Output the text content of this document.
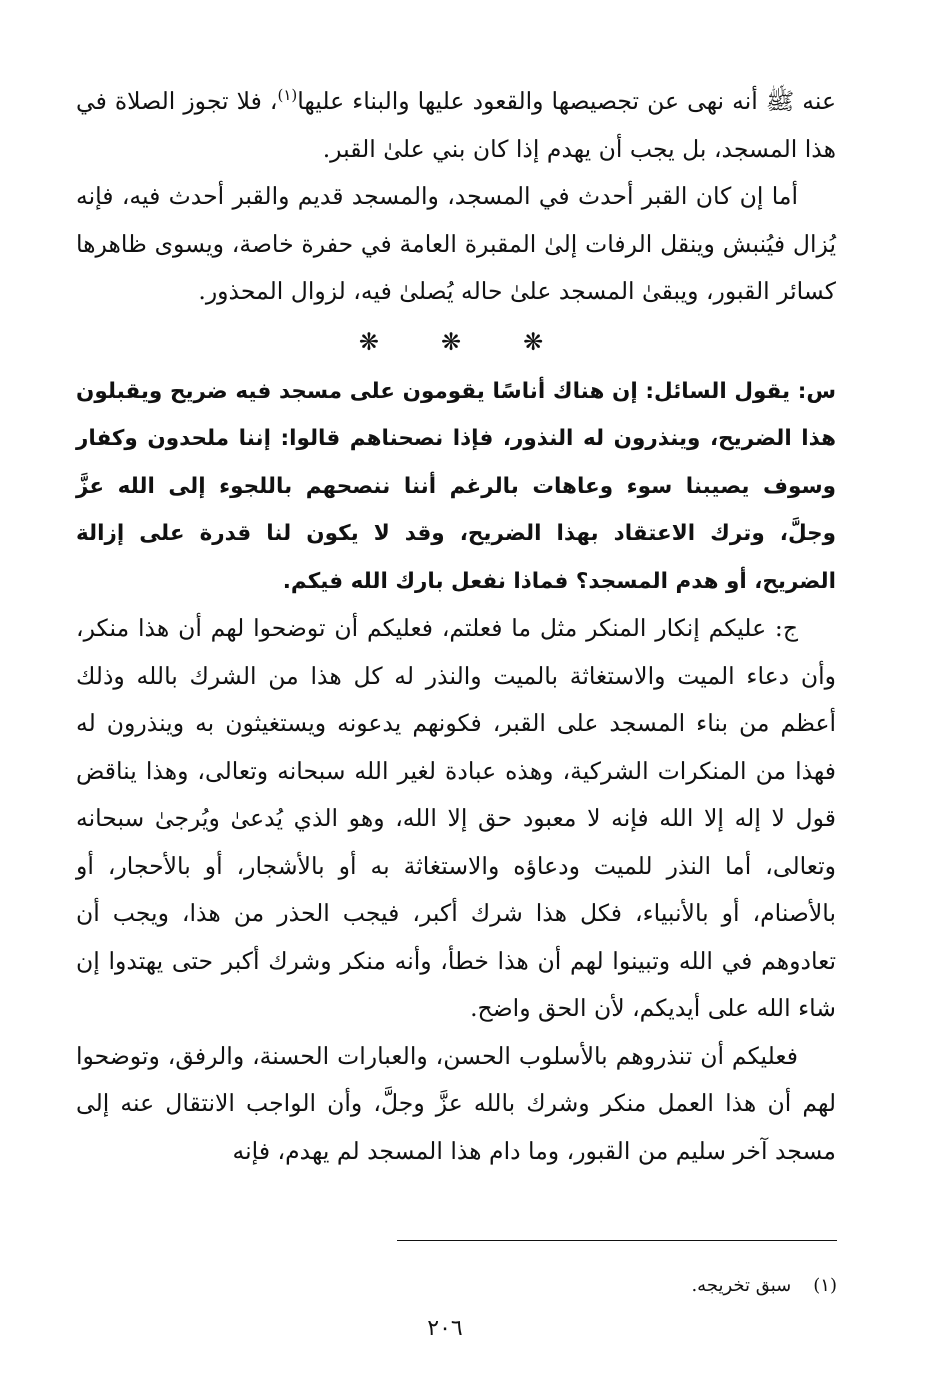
عنه ﷺ أنه نهى عن تجصيصها والقعود عليها والبناء عليها$^{(١)}$، فلا تجوز الصلاة في هذا المسجد، بل يجب أن يهدم إذا كان بني علىٰ القبر.

أما إن كان القبر أحدث في المسجد، والمسجد قديم والقبر أحدث فيه، فإنه يُزال فيُنبش وينقل الرفات إلىٰ المقبرة العامة في حفرة خاصة، ويسوى ظاهرها كسائر القبور، ويبقىٰ المسجد علىٰ حاله يُصلىٰ فيه، لزوال المحذور.

❋
❋
❋

س: يقول السائل: إن هناك أناسًا يقومون على مسجد فيه ضريح ويقبلون هذا الضريح، وينذرون له النذور، فإذا نصحناهم قالوا: إننا ملحدون وكفار وسوف يصيبنا سوء وعاهات بالرغم أننا ننصحهم باللجوء إلى الله عزَّ وجلَّ، وترك الاعتقاد بهذا الضريح، وقد لا يكون لنا قدرة على إزالة الضريح، أو هدم المسجد؟ فماذا نفعل بارك الله فيكم.

ج: عليكم إنكار المنكر مثل ما فعلتم، فعليكم أن توضحوا لهم أن هذا منكر، وأن دعاء الميت والاستغاثة بالميت والنذر له كل هذا من الشرك بالله وذلك أعظم من بناء المسجد على القبر، فكونهم يدعونه ويستغيثون به وينذرون له فهذا من المنكرات الشركية، وهذه عبادة لغير الله سبحانه وتعالى، وهذا يناقض قول لا إله إلا الله فإنه لا معبود حق إلا الله، وهو الذي يُدعىٰ ويُرجىٰ سبحانه وتعالى، أما النذر للميت ودعاؤه والاستغاثة به أو بالأشجار، أو بالأحجار، أو بالأصنام، أو بالأنبياء، فكل هذا شرك أكبر، فيجب الحذر من هذا، ويجب أن تعادوهم في الله وتبينوا لهم أن هذا خطأ، وأنه منكر وشرك أكبر حتى يهتدوا إن شاء الله على أيديكم، لأن الحق واضح.

فعليكم أن تنذروهم بالأسلوب الحسن، والعبارات الحسنة، والرفق، وتوضحوا لهم أن هذا العمل منكر وشرك بالله عزَّ وجلَّ، وأن الواجب الانتقال عنه إلى مسجد آخر سليم من القبور، وما دام هذا المسجد لم يهدم، فإنه

(١)
سبق تخريجه.
٢٠٦
